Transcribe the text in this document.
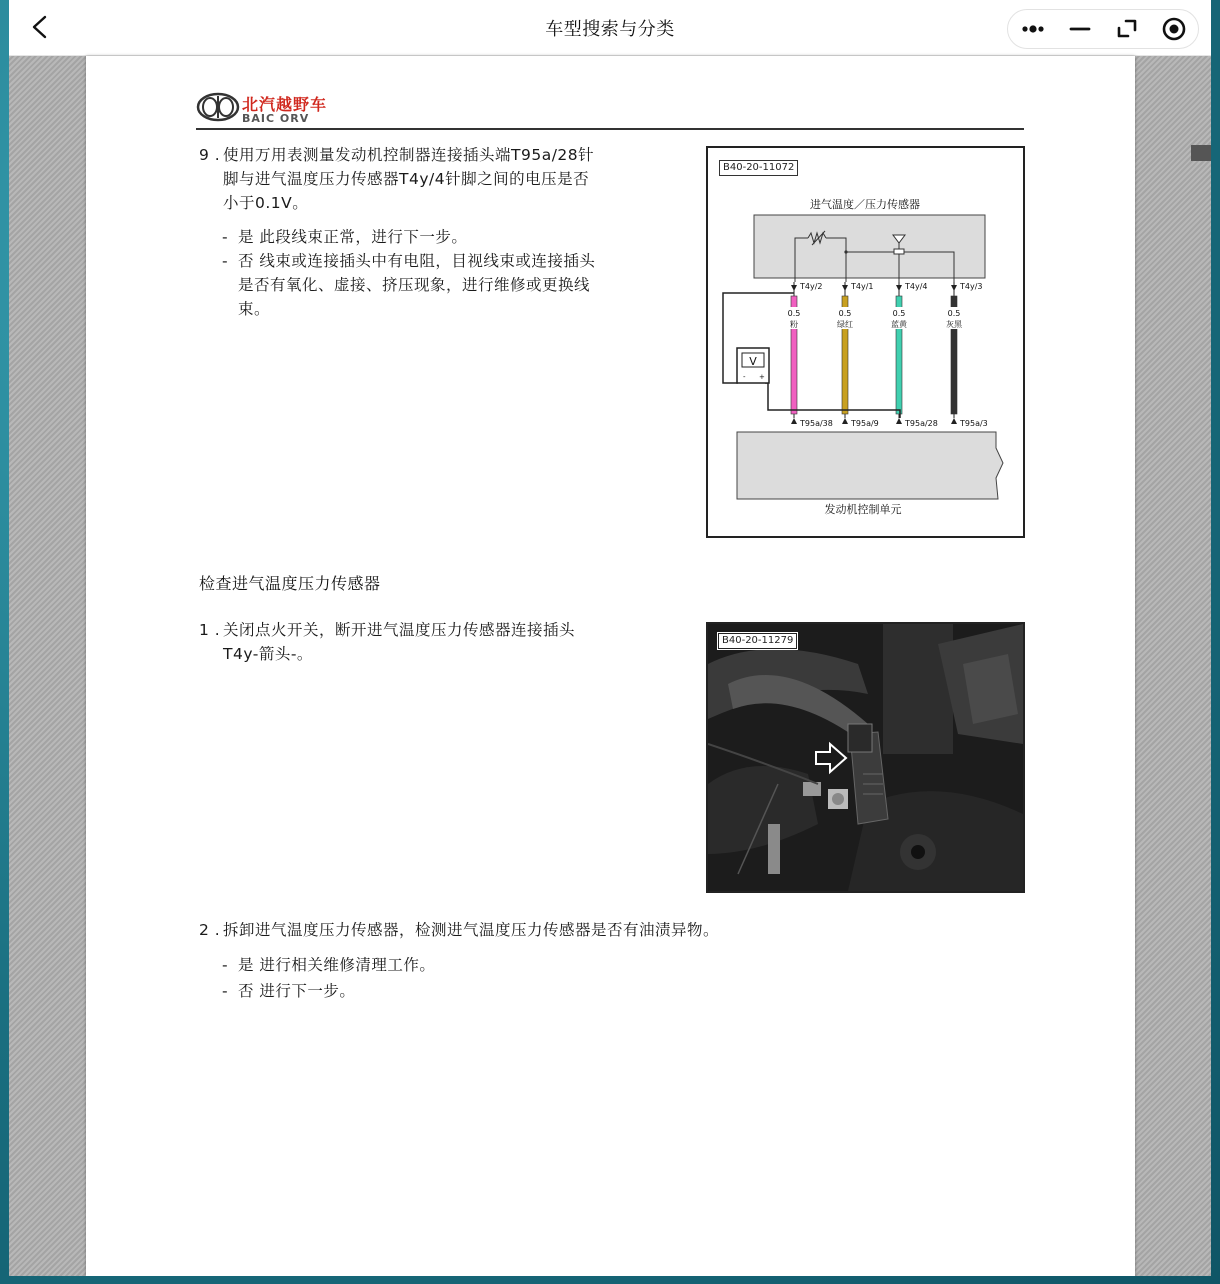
车型搜索与分类
北汽越野车
BAIC ORV
9 . 使用万用表测量发动机控制器连接插头端T95a/28针
脚与进气温度压力传感器T4y/4针脚之间的电压是否
小于0.1V。
- 是 此段线束正常，进行下一步。
- 否 线束或连接插头中有电阻，目视线束或连接插头
是否有氧化、虚接、挤压现象，进行维修或更换线
束。
B40-20-11072
进气温度／压力传感器
T4y/2
0.5
粉
T95a/38
T4y/1
0.5
绿红
T95a/9
T4y/4
0.5
蓝黄
T95a/28
T4y/3
0.5
灰黑
T95a/3
V
- +
发动机控制单元
检查进气温度压力传感器
1 . 关闭点火开关，断开进气温度压力传感器连接插头
T4y-箭头-。
B40-20-11279
2 . 拆卸进气温度压力传感器，检测进气温度压力传感器是否有油渍异物。
- 是 进行相关维修清理工作。
- 否 进行下一步。
